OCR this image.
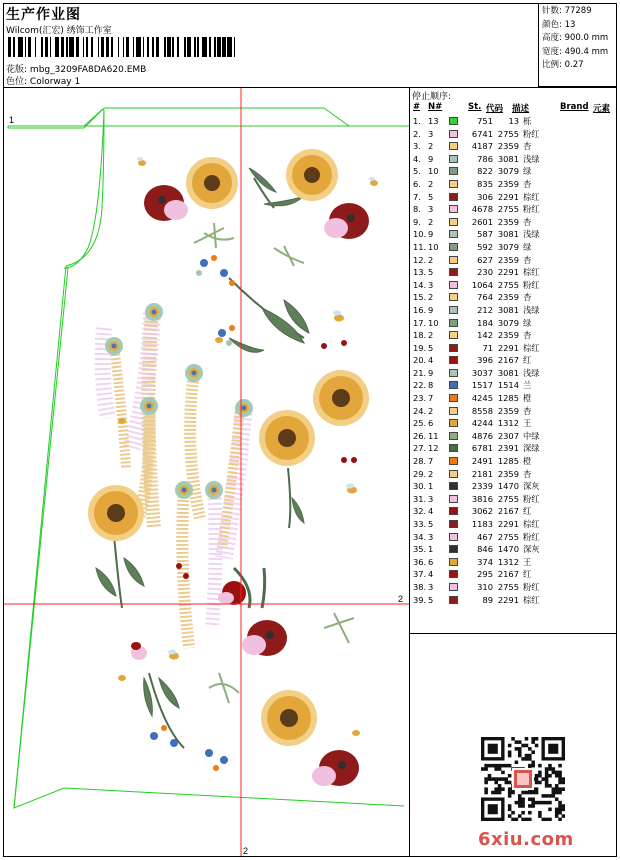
生产作业图
Wilcom(汇宏) 绣饰工作室
花版: mbg_3209FA8DA620.EMB
色位: Colorway 1
针数: 77289
颜色: 13
高度: 900.0 mm
宽度: 490.4 mm
比例: 0.27
1
2
2
停止顺序:
# N#	St. 代码 描述	Brand 元素
1. 13	751	13 栎
2. 3	6741 2755 粉红
3. 2	4187 2359 杏
4. 9	786 3081 浅绿
5. 10	822 3079 绿
6. 2	835 2359 杏
7. 5	306 2291 棕红
8. 3	4678 2755 粉红
9. 2	2601 2359 杏
10. 9	587 3081 浅绿
11. 10	592 3079 绿
12. 2	627 2359 杏
13. 5	230 2291 棕红
14. 3	1064 2755 粉红
15. 2	764 2359 杏
16. 9	212 3081 浅绿
17. 10	184 3079 绿
18. 2	142 2359 杏
19. 5	71 2291 棕红
20. 4	396 2167 红
21. 9	3037 3081 浅绿
22. 8	1517 1514 兰
23. 7	4245 1285 橙
24. 2	8558 2359 杏
25. 6	4244 1312 王
26. 11	4876 2307 中绿
27. 12	6781 2391 深绿
28. 7	2491 1285 橙
29. 2	2181 2359 杏
30. 1	2339 1470 深灰
31. 3	3816 2755 粉红
32. 4	3062 2167 红
33. 5	1183 2291 棕红
34. 3	467 2755 粉红
35. 1	846 1470 深灰
36. 6	374 1312 王
37. 4	295 2167 红
38. 3	310 2755 粉红
39. 5	89 2291 棕红
6xiu.com
